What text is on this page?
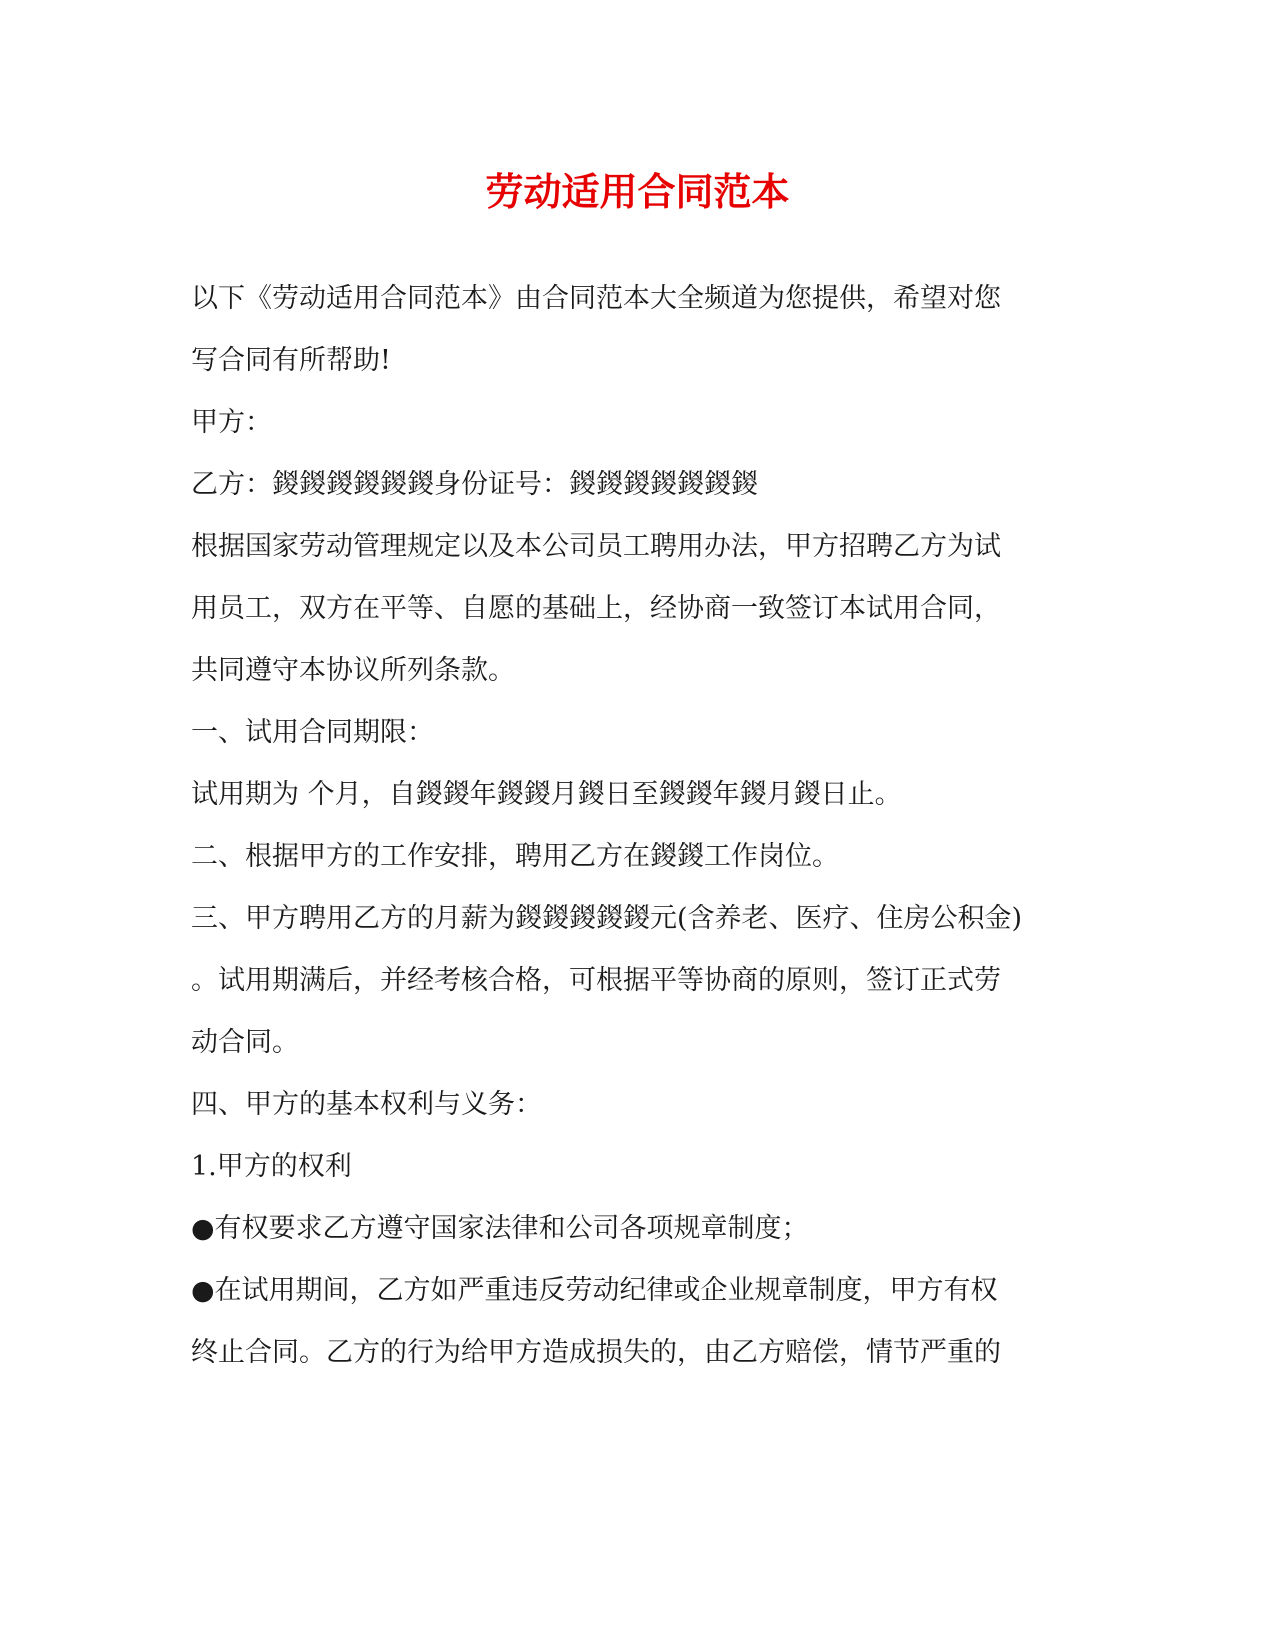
劳动适用合同范本
以下《劳动适用合同范本》由合同范本大全频道为您提供，希望对您
写合同有所帮助!
甲方：
乙方：鍐鍐鍐鍐鍐鍐身份证号：鍐鍐鍐鍐鍐鍐鍐
根据国家劳动管理规定以及本公司员工聘用办法，甲方招聘乙方为试
用员工，双方在平等、自愿的基础上，经协商一致签订本试用合同，
共同遵守本协议所列条款。
一、试用合同期限：
试用期为 个月，自鍐鍐年鍐鍐月鍐日至鍐鍐年鍐月鍐日止。
二、根据甲方的工作安排，聘用乙方在鍐鍐工作岗位。
三、甲方聘用乙方的月薪为鍐鍐鍐鍐鍐元(含养老、医疗、住房公积金)
。试用期满后，并经考核合格，可根据平等协商的原则，签订正式劳
动合同。
四、甲方的基本权利与义务：
1.甲方的权利
●有权要求乙方遵守国家法律和公司各项规章制度；
●在试用期间，乙方如严重违反劳动纪律或企业规章制度，甲方有权
终止合同。乙方的行为给甲方造成损失的，由乙方赔偿，情节严重的
